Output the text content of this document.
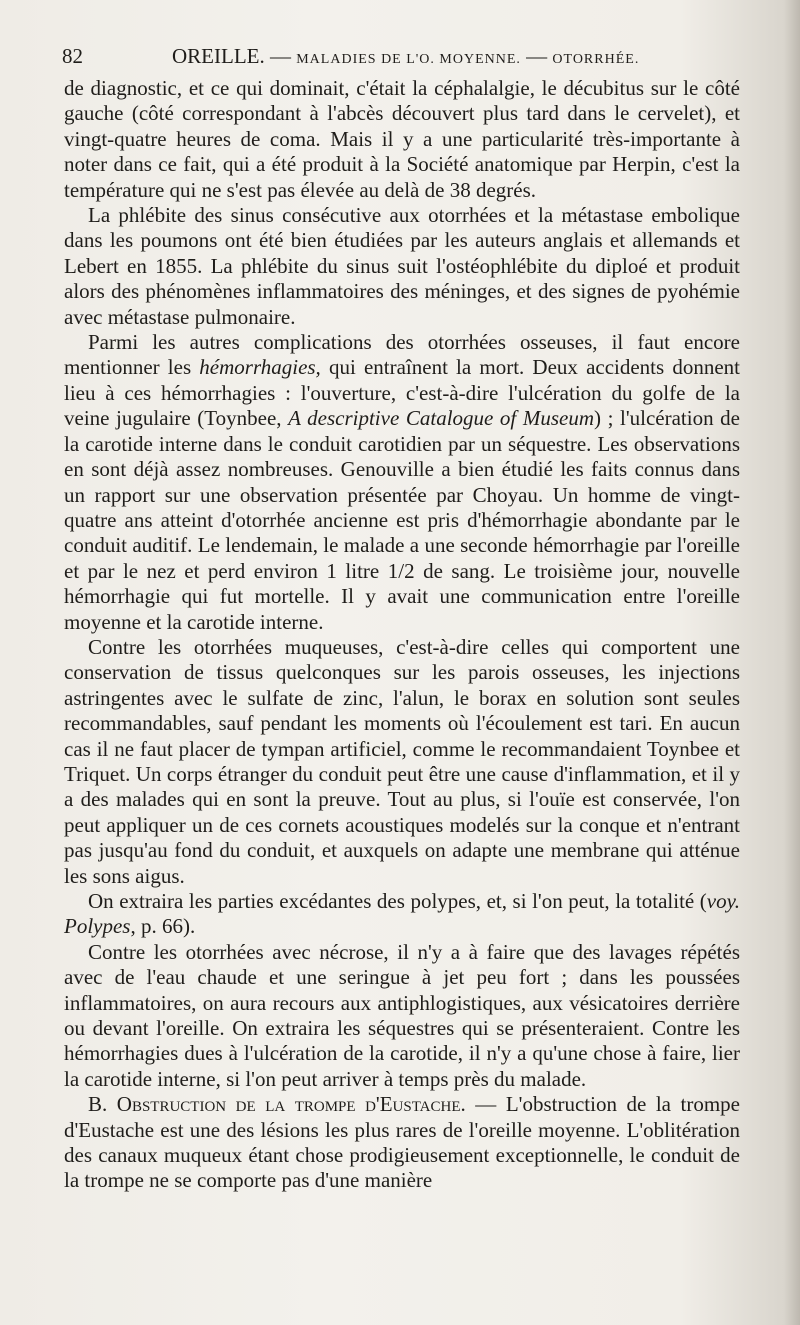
82	OREILLE. — MALADIES DE L'O. MOYENNE. — OTORRHÉE.

de diagnostic, et ce qui dominait, c'était la céphalalgie, le décubitus sur le côté gauche (côté correspondant à l'abcès découvert plus tard dans le cervelet), et vingt-quatre heures de coma. Mais il y a une particularité très-importante à noter dans ce fait, qui a été produit à la Société anatomique par Herpin, c'est la température qui ne s'est pas élevée au delà de 38 degrés.

La phlébite des sinus consécutive aux otorrhées et la métastase embolique dans les poumons ont été bien étudiées par les auteurs anglais et allemands et Lebert en 1855. La phlébite du sinus suit l'ostéophlébite du diploé et produit alors des phénomènes inflammatoires des méninges, et des signes de pyohémie avec métastase pulmonaire.

Parmi les autres complications des otorrhées osseuses, il faut encore mentionner les hémorrhagies, qui entraînent la mort. Deux accidents donnent lieu à ces hémorrhagies : l'ouverture, c'est-à-dire l'ulcération du golfe de la veine jugulaire (Toynbee, A descriptive Catalogue of Museum) ; l'ulcération de la carotide interne dans le conduit carotidien par un séquestre. Les observations en sont déjà assez nombreuses. Genouville a bien étudié les faits connus dans un rapport sur une observation présentée par Choyau. Un homme de vingt-quatre ans atteint d'otorrhée ancienne est pris d'hémorrhagie abondante par le conduit auditif. Le lendemain, le malade a une seconde hémorrhagie par l'oreille et par le nez et perd environ 1 litre 1/2 de sang. Le troisième jour, nouvelle hémorrhagie qui fut mortelle. Il y avait une communication entre l'oreille moyenne et la carotide interne.

Contre les otorrhées muqueuses, c'est-à-dire celles qui comportent une conservation de tissus quelconques sur les parois osseuses, les injections astringentes avec le sulfate de zinc, l'alun, le borax en solution sont seules recommandables, sauf pendant les moments où l'écoulement est tari. En aucun cas il ne faut placer de tympan artificiel, comme le recommandaient Toynbee et Triquet. Un corps étranger du conduit peut être une cause d'inflammation, et il y a des malades qui en sont la preuve. Tout au plus, si l'ouïe est conservée, l'on peut appliquer un de ces cornets acoustiques modelés sur la conque et n'entrant pas jusqu'au fond du conduit, et auxquels on adapte une membrane qui atténue les sons aigus.

On extraira les parties excédantes des polypes, et, si l'on peut, la totalité (voy. Polypes, p. 66).

Contre les otorrhées avec nécrose, il n'y a à faire que des lavages répétés avec de l'eau chaude et une seringue à jet peu fort ; dans les poussées inflammatoires, on aura recours aux antiphlogistiques, aux vésicatoires derrière ou devant l'oreille. On extraira les séquestres qui se présenteraient. Contre les hémorrhagies dues à l'ulcération de la carotide, il n'y a qu'une chose à faire, lier la carotide interne, si l'on peut arriver à temps près du malade.

B. Obstruction de la trompe d'Eustache. — L'obstruction de la trompe d'Eustache est une des lésions les plus rares de l'oreille moyenne. L'oblitération des canaux muqueux étant chose prodigieusement exceptionnelle, le conduit de la trompe ne se comporte pas d'une manière
